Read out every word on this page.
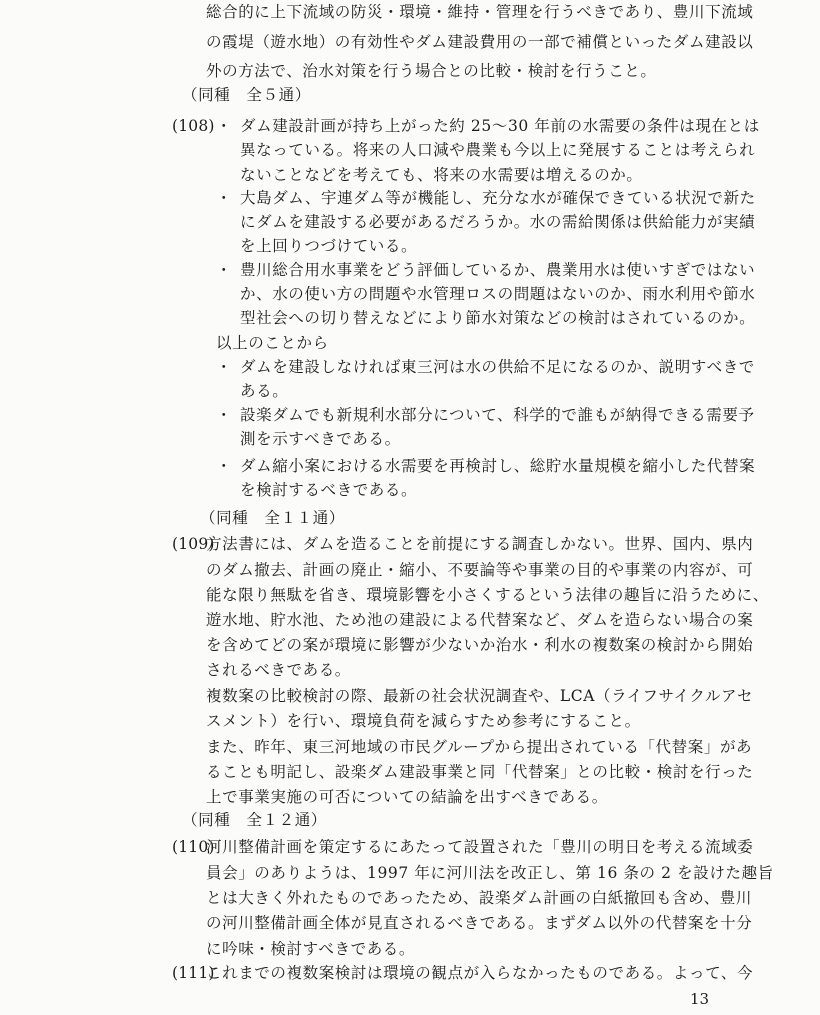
総合的に上下流域の防災・環境・維持・管理を行うべきであり、豊川下流域
の霞堤（遊水地）の有効性やダム建設費用の一部で補償といったダム建設以
外の方法で、治水対策を行う場合との比較・検討を行うこと。
（同種　全５通）
(108) ・ ダム建設計画が持ち上がった約 25～30 年前の水需要の条件は現在とは
異なっている。将来の人口減や農業も今以上に発展することは考えられ
ないことなどを考えても、将来の水需要は増えるのか。
・ 大島ダム、宇連ダム等が機能し、充分な水が確保できている状況で新た
にダムを建設する必要があるだろうか。水の需給関係は供給能力が実績
を上回りつづけている。
・ 豊川総合用水事業をどう評価しているか、農業用水は使いすぎではない
か、水の使い方の問題や水管理ロスの問題はないのか、雨水利用や節水
型社会への切り替えなどにより節水対策などの検討はされているのか。
以上のことから
・ ダムを建設しなければ東三河は水の供給不足になるのか、説明すべきで
ある。
・ 設楽ダムでも新規利水部分について、科学的で誰もが納得できる需要予
測を示すべきである。
・ ダム縮小案における水需要を再検討し、総貯水量規模を縮小した代替案
を検討するべきである。
（同種　全１１通）
(109)
方法書には、ダムを造ることを前提にする調査しかない。世界、国内、県内
のダム撤去、計画の廃止・縮小、不要論等や事業の目的や事業の内容が、可
能な限り無駄を省き、環境影響を小さくするという法律の趣旨に沿うために、
遊水地、貯水池、ため池の建設による代替案など、ダムを造らない場合の案
を含めてどの案が環境に影響が少ないか治水・利水の複数案の検討から開始
されるべきである。
複数案の比較検討の際、最新の社会状況調査や、LCA（ライフサイクルアセ
スメント）を行い、環境負荷を減らすため参考にすること。
また、昨年、東三河地域の市民グループから提出されている「代替案」があ
ることも明記し、設楽ダム建設事業と同「代替案」との比較・検討を行った
上で事業実施の可否についての結論を出すべきである。
（同種　全１２通）
(110)
河川整備計画を策定するにあたって設置された「豊川の明日を考える流域委
員会」のありようは、1997 年に河川法を改正し、第 16 条の 2 を設けた趣旨
とは大きく外れたものであったため、設楽ダム計画の白紙撤回も含め、豊川
の河川整備計画全体が見直されるべきである。まずダム以外の代替案を十分
に吟味・検討すべきである。
(111)
これまでの複数案検討は環境の観点が入らなかったものである。よって、今
13
